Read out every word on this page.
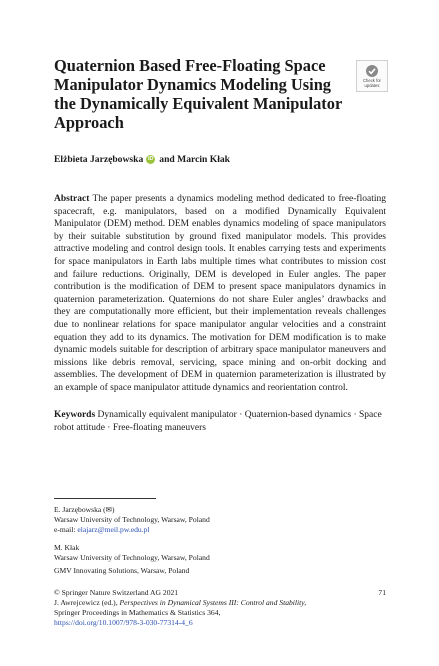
Quaternion Based Free-Floating Space Manipulator Dynamics Modeling Using the Dynamically Equivalent Manipulator Approach
Check for
updates
Elżbieta Jarzębowska iD and Marcin Kłak

Abstract The paper presents a dynamics modeling method dedicated to free-floating spacecraft, e.g. manipulators, based on a modified Dynamically Equivalent Manipulator (DEM) method. DEM enables dynamics modeling of space manipulators by their suitable substitution by ground fixed manipulator models. This provides attractive modeling and control design tools. It enables carrying tests and experiments for space manipulators in Earth labs multiple times what contributes to mission cost and failure reductions. Originally, DEM is developed in Euler angles. The paper contribution is the modification of DEM to present space manipulators dynamics in quaternion parameterization. Quaternions do not share Euler angles’ drawbacks and they are computationally more efficient, but their implementation reveals challenges due to nonlinear relations for space manipulator angular velocities and a constraint equation they add to its dynamics. The motivation for DEM modification is to make dynamic models suitable for description of arbitrary space manipulator maneuvers and missions like debris removal, servicing, space mining and on-orbit docking and assemblies. The development of DEM in quaternion parameterization is illustrated by an example of space manipulator attitude dynamics and reorientation control.

Keywords Dynamically equivalent manipulator · Quaternion-based dynamics · Space robot attitude · Free-floating maneuvers

E. Jarzębowska (✉)
Warsaw University of Technology, Warsaw, Poland
e-mail: elajarz@meil.pw.edu.pl
M. Kłak
Warsaw University of Technology, Warsaw, Poland
GMV Innovating Solutions, Warsaw, Poland
© Springer Nature Switzerland AG 2021
J. Awrejcewicz (ed.), Perspectives in Dynamical Systems III: Control and Stability,
Springer Proceedings in Mathematics & Statistics 364,
https://doi.org/10.1007/978-3-030-77314-4_6
71
